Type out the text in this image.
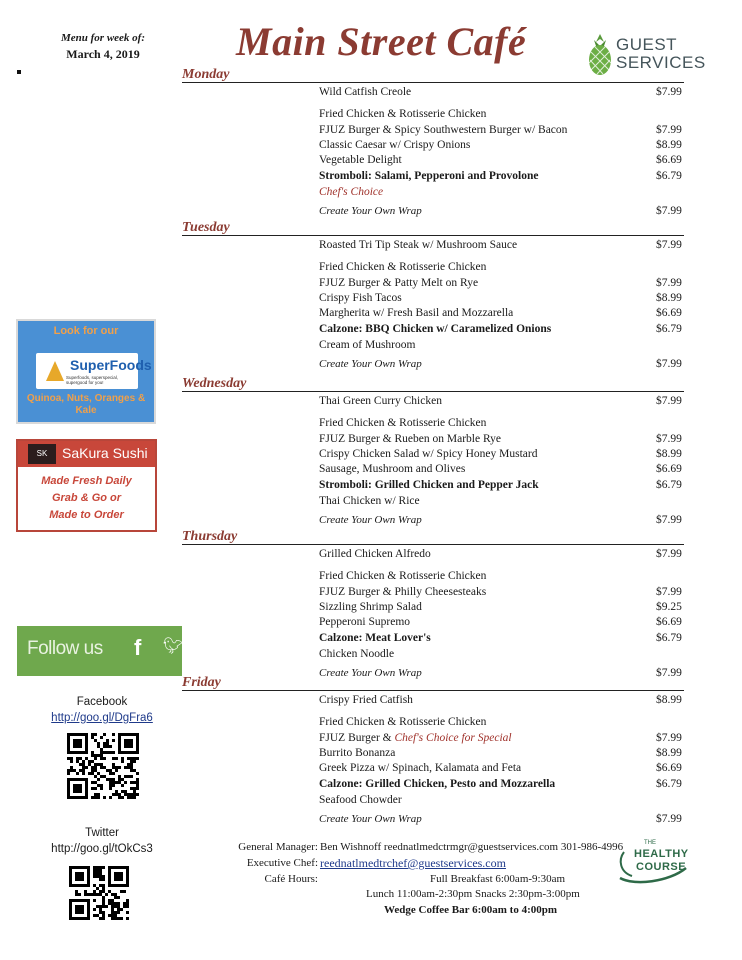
Menu for week of:
March 4, 2019	Main Street Café	GUEST SERVICES
Monday
Wild Catfish Creole	$7.99
Fried Chicken & Rotisserie Chicken
FJUZ Burger & Spicy Southwestern Burger w/ Bacon	$7.99
Classic Caesar w/ Crispy Onions	$8.99
Vegetable Delight	$6.69
Stromboli: Salami, Pepperoni and Provolone	$6.79
Chef's Choice
Create Your Own Wrap	$7.99
Tuesday
Roasted Tri Tip Steak w/ Mushroom Sauce	$7.99
Fried Chicken & Rotisserie Chicken
FJUZ Burger & Patty Melt on Rye	$7.99
Crispy Fish Tacos	$8.99
Margherita w/ Fresh Basil and Mozzarella	$6.69
Calzone: BBQ Chicken w/ Caramelized Onions	$6.79
Cream of Mushroom
Create Your Own Wrap	$7.99
Wednesday
Thai Green Curry Chicken	$7.99
Fried Chicken & Rotisserie Chicken
FJUZ Burger & Rueben on Marble Rye	$7.99
Crispy Chicken Salad w/ Spicy Honey Mustard	$8.99
Sausage, Mushroom and Olives	$6.69
Stromboli: Grilled Chicken and Pepper Jack	$6.79
Thai Chicken w/ Rice
Create Your Own Wrap	$7.99
Thursday
Grilled Chicken Alfredo	$7.99
Fried Chicken & Rotisserie Chicken
FJUZ Burger & Philly Cheesesteaks	$7.99
Sizzling Shrimp Salad	$9.25
Pepperoni Supremo	$6.69
Calzone: Meat Lover's	$6.79
Chicken Noodle
Create Your Own Wrap	$7.99
Friday
Crispy Fried Catfish	$8.99
Fried Chicken & Rotisserie Chicken
FJUZ Burger & Chef's Choice for Special	$7.99
Burrito Bonanza	$8.99
Greek Pizza w/ Spinach, Kalamata and Feta	$6.69
Calzone: Grilled Chicken, Pesto and Mozzarella	$6.79
Seafood Chowder
Create Your Own Wrap	$7.99
Look for our
SuperFoods
Superfoods, superspecial, supergood for you!
Quinoa, Nuts, Oranges & Kale
SK	SaKura Sushi
Made Fresh Daily
Grab & Go or
Made to Order
Follow us f 🐦︎
Facebook
http://goo.gl/DgFra6
Twitter
http://goo.gl/tOkCs3	General Manager: Ben Wishnoff reednatlmedctrmgr@guestservices.com 301-986-4996
Executive Chef: reednatlmedtrchef@guestservices.com
Café Hours:	Full Breakfast 6:00am-9:30am
Lunch 11:00am-2:30pm Snacks 2:30pm-3:00pm
Wedge Coffee Bar 6:00am to 4:00pm
THE
HEALTHY
COURSE
